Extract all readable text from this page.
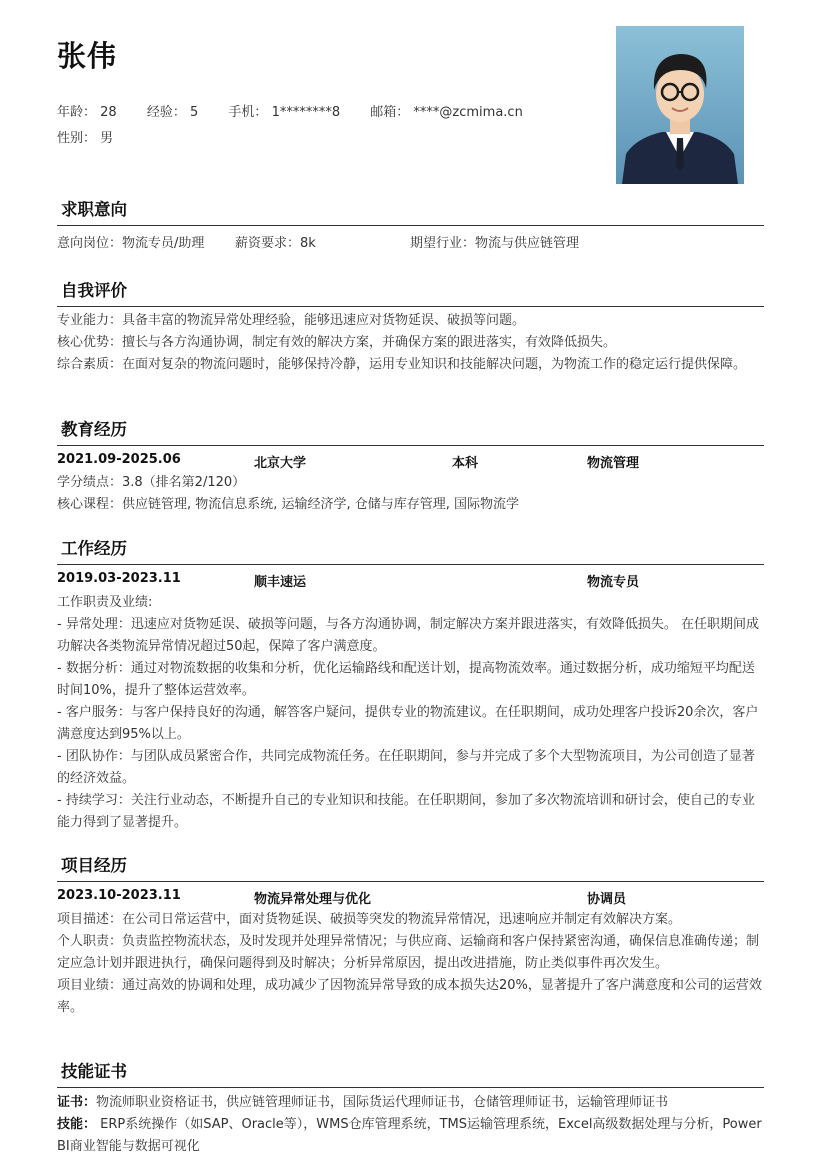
张伟
年龄： 28 经验： 5 手机： 1********8 邮箱： ****@zcmima.cn
性别： 男
求职意向
意向岗位：物流专员/助理 薪资要求：8k	期望行业：物流与供应链管理
自我评价
专业能力：具备丰富的物流异常处理经验，能够迅速应对货物延误、破损等问题。
核心优势：擅长与各方沟通协调，制定有效的解决方案，并确保方案的跟进落实，有效降低损失。
综合素质：在面对复杂的物流问题时，能够保持冷静，运用专业知识和技能解决问题，为物流工作的稳定运行提供保障。
教育经历
2021.09-2025.06	北京大学	本科	物流管理
学分绩点：3.8（排名第2/120）
核心课程：供应链管理, 物流信息系统, 运输经济学, 仓储与库存管理, 国际物流学
工作经历
2019.03-2023.11	顺丰速运	物流专员
工作职责及业绩:
- 异常处理：迅速应对货物延误、破损等问题，与各方沟通协调，制定解决方案并跟进落实，有效降低损失。 在任职期间成功解决各类物流异常情况超过50起，保障了客户满意度。
- 数据分析：通过对物流数据的收集和分析，优化运输路线和配送计划，提高物流效率。通过数据分析，成功缩短平均配送时间10%，提升了整体运营效率。
- 客户服务：与客户保持良好的沟通，解答客户疑问，提供专业的物流建议。在任职期间，成功处理客户投诉20余次，客户满意度达到95%以上。
- 团队协作：与团队成员紧密合作，共同完成物流任务。在任职期间，参与并完成了多个大型物流项目，为公司创造了显著的经济效益。
- 持续学习：关注行业动态，不断提升自己的专业知识和技能。在任职期间，参加了多次物流培训和研讨会，使自己的专业能力得到了显著提升。
项目经历
2023.10-2023.11	物流异常处理与优化	协调员
项目描述：在公司日常运营中，面对货物延误、破损等突发的物流异常情况，迅速响应并制定有效解决方案。
个人职责：负责监控物流状态，及时发现并处理异常情况；与供应商、运输商和客户保持紧密沟通，确保信息准确传递；制定应急计划并跟进执行，确保问题得到及时解决；分析异常原因，提出改进措施，防止类似事件再次发生。
项目业绩：通过高效的协调和处理，成功减少了因物流异常导致的成本损失达20%，显著提升了客户满意度和公司的运营效率。
技能证书
证书：物流师职业资格证书，供应链管理师证书，国际货运代理师证书，仓储管理师证书，运输管理师证书
技能： ERP系统操作（如SAP、Oracle等），WMS仓库管理系统，TMS运输管理系统，Excel高级数据处理与分析，Power BI商业智能与数据可视化
